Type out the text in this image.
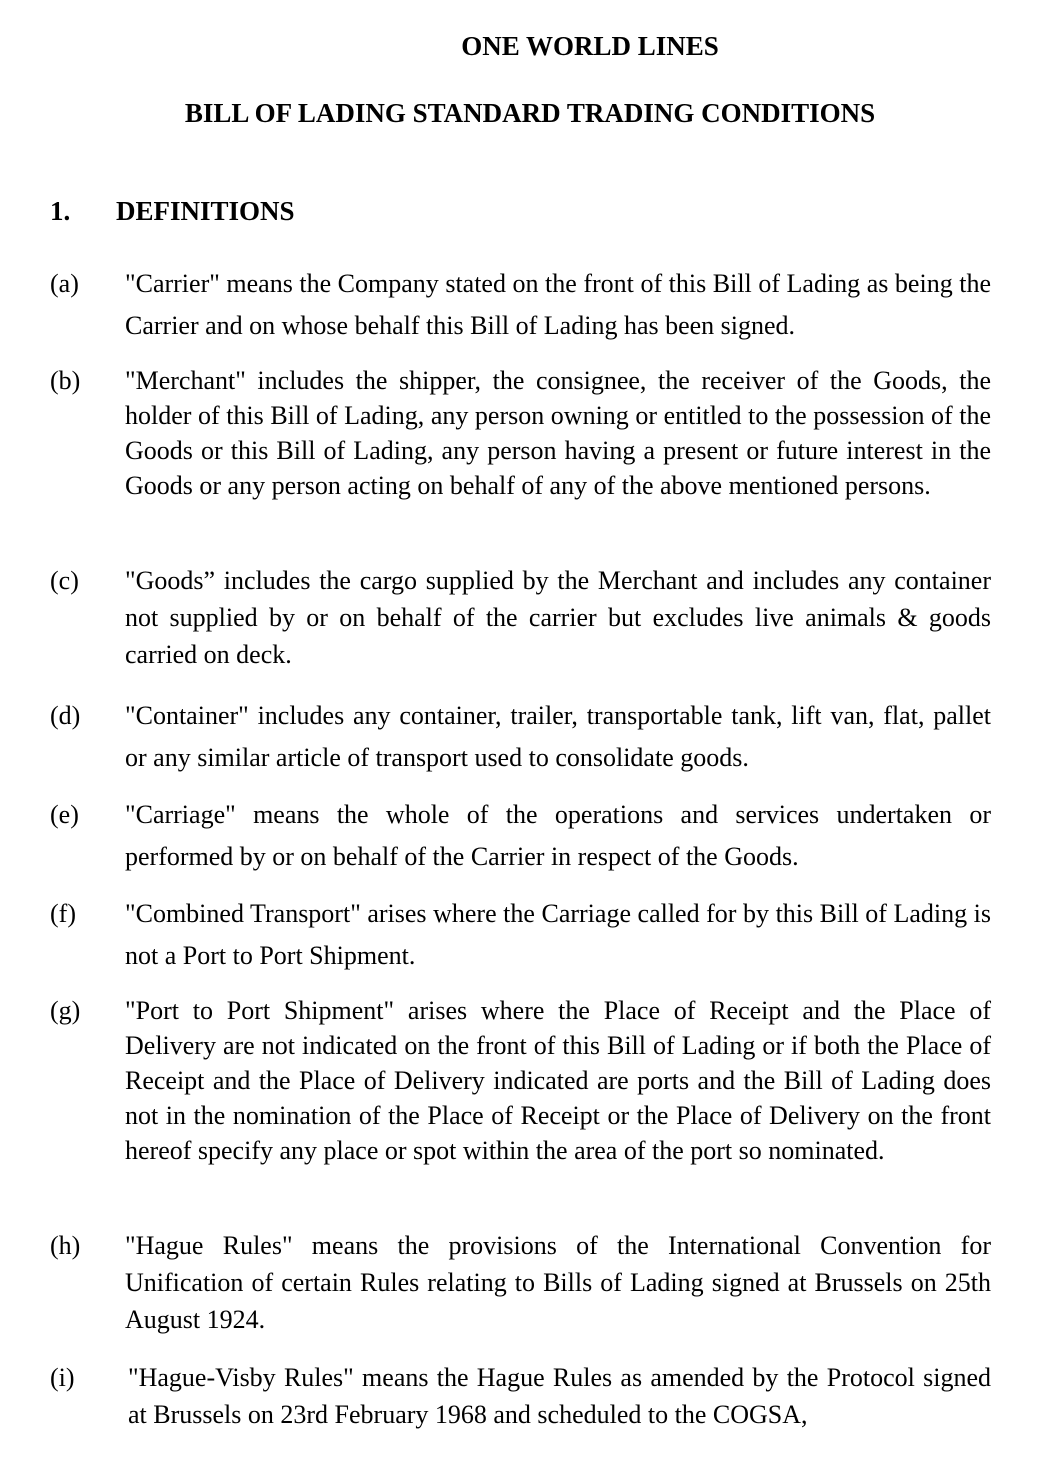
ONE WORLD LINES
BILL OF LADING STANDARD TRADING CONDITIONS
1. DEFINITIONS
(a) "Carrier" means the Company stated on the front of this Bill of Lading as being the Carrier and on whose behalf this Bill of Lading has been signed.
(b) "Merchant" includes the shipper, the consignee, the receiver of the Goods, the holder of this Bill of Lading, any person owning or entitled to the possession of the Goods or this Bill of Lading, any person having a present or future interest in the Goods or any person acting on behalf of any of the above mentioned persons.
(c) "Goods” includes the cargo supplied by the Merchant and includes any container not supplied by or on behalf of the carrier but excludes live animals & goods carried on deck.
(d) "Container" includes any container, trailer, transportable tank, lift van, flat, pallet or any similar article of transport used to consolidate goods.
(e) "Carriage" means the whole of the operations and services undertaken or performed by or on behalf of the Carrier in respect of the Goods.
(f) "Combined Transport" arises where the Carriage called for by this Bill of Lading is not a Port to Port Shipment.
(g) "Port to Port Shipment" arises where the Place of Receipt and the Place of Delivery are not indicated on the front of this Bill of Lading or if both the Place of Receipt and the Place of Delivery indicated are ports and the Bill of Lading does not in the nomination of the Place of Receipt or the Place of Delivery on the front hereof specify any place or spot within the area of the port so nominated.
(h) "Hague Rules" means the provisions of the International Convention for Unification of certain Rules relating to Bills of Lading signed at Brussels on 25th August 1924.
(i) "Hague-Visby Rules" means the Hague Rules as amended by the Protocol signed at Brussels on 23rd February 1968 and scheduled to the COGSA,
